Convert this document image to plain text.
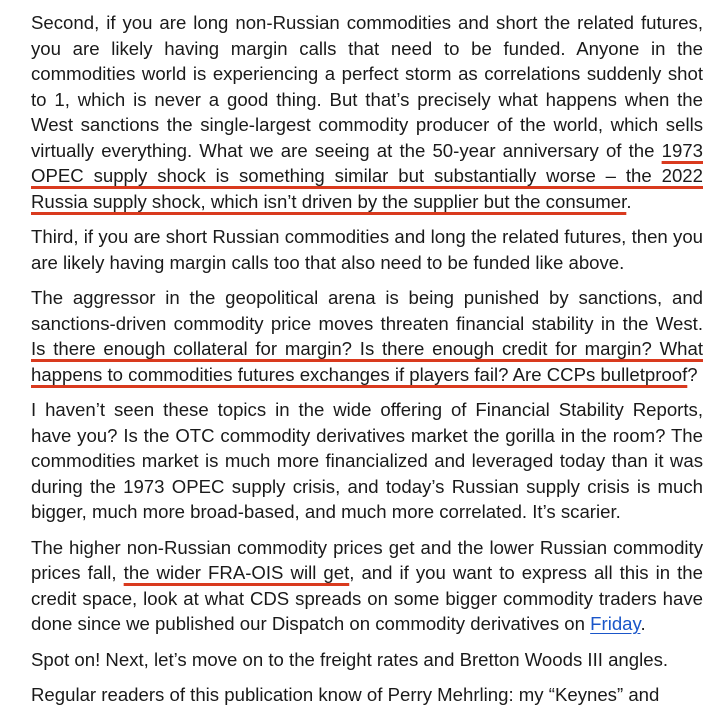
Second, if you are long non-Russian commodities and short the related futures, you are likely having margin calls that need to be funded. Anyone in the commodities world is experiencing a perfect storm as correlations suddenly shot to 1, which is never a good thing. But that’s precisely what happens when the West sanctions the single-largest commodity producer of the world, which sells virtually everything. What we are seeing at the 50-year anniversary of the 1973 OPEC supply shock is something similar but substantially worse – the 2022 Russia supply shock, which isn’t driven by the supplier but the consumer.

Third, if you are short Russian commodities and long the related futures, then you are likely having margin calls too that also need to be funded like above.

The aggressor in the geopolitical arena is being punished by sanctions, and sanctions-driven commodity price moves threaten financial stability in the West. Is there enough collateral for margin? Is there enough credit for margin? What happens to commodities futures exchanges if players fail? Are CCPs bulletproof?

I haven’t seen these topics in the wide offering of Financial Stability Reports, have you? Is the OTC commodity derivatives market the gorilla in the room? The commodities market is much more financialized and leveraged today than it was during the 1973 OPEC supply crisis, and today’s Russian supply crisis is much bigger, much more broad-based, and much more correlated. It’s scarier.

The higher non-Russian commodity prices get and the lower Russian commodity prices fall, the wider FRA-OIS will get, and if you want to express all this in the credit space, look at what CDS spreads on some bigger commodity traders have done since we published our Dispatch on commodity derivatives on Friday.

Spot on! Next, let’s move on to the freight rates and Bretton Woods III angles.

Regular readers of this publication know of Perry Mehrling: my “Keynes” and
